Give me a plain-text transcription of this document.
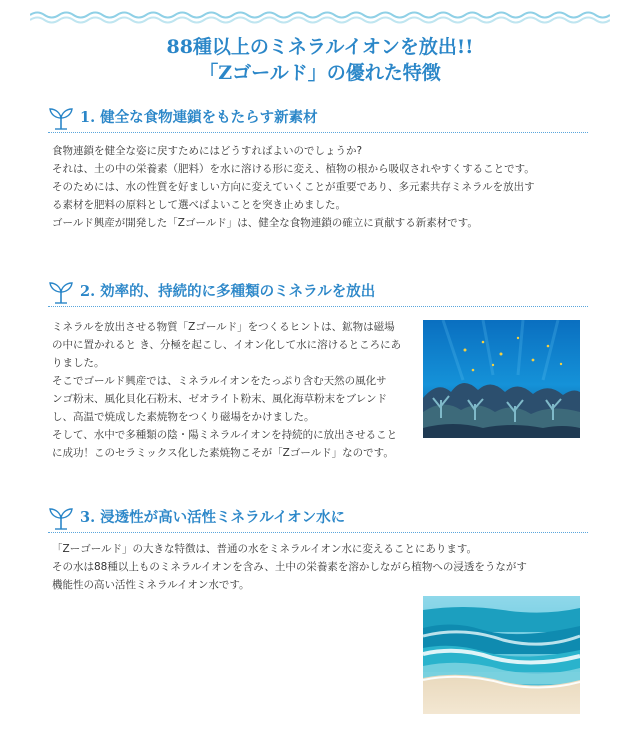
88種以上のミネラルイオンを放出!!
「Zゴールド」の優れた特徴
1. 健全な食物連鎖をもたらす新素材
食物連鎖を健全な姿に戻すためにはどうすればよいのでしょうか?
それは、土の中の栄養素（肥料）を水に溶ける形に変え、植物の根から吸収されやすくすることです。
そのためには、水の性質を好ましい方向に変えていくことが重要であり、多元素共存ミネラルを放出す
る素材を肥料の原料として選べばよいことを突き止めました。
ゴールド興産が開発した「Zゴールド」は、健全な食物連鎖の確立に貢献する新素材です。
2. 効率的、持続的に多種類のミネラルを放出
ミネラルを放出させる物質「Zゴールド」をつくるヒントは、鉱物は磁場
の中に置かれると き、分極を起こし、イオン化して水に溶けるところにあ
りました。
そこでゴールド興産では、ミネラルイオンをたっぷり含む天然の風化サ
ンゴ粉末、風化貝化石粉末、ゼオライト粉末、風化海草粉末をブレンド
し、高温で焼成した素焼物をつくり磁場をかけました。
そして、水中で多種類の陰・陽ミネラルイオンを持続的に放出させること
に成功！このセラミックス化した素焼物こそが「Zゴールド」なのです。
3. 浸透性が高い活性ミネラルイオン水に
「Zーゴールド」の大きな特徴は、普通の水をミネラルイオン水に変えることにあります。
その水は88種以上ものミネラルイオンを含み、土中の栄養素を溶かしながら植物への浸透をうながす
機能性の高い活性ミネラルイオン水です。
